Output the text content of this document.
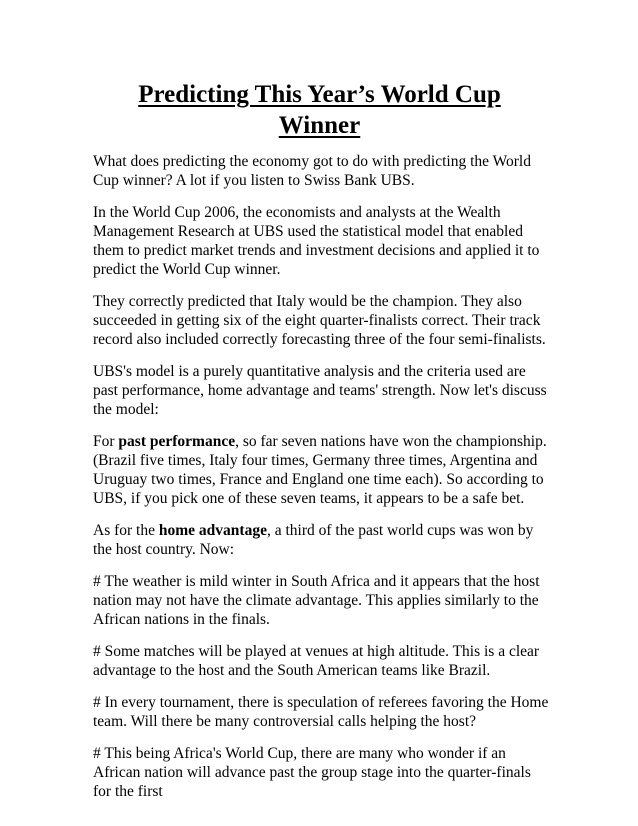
Predicting This Year’s World Cup
Winner

What does predicting the economy got to do with predicting the World Cup winner? A lot if you listen to Swiss Bank UBS.

In the World Cup 2006, the economists and analysts at the Wealth Management Research at UBS used the statistical model that enabled them to predict market trends and investment decisions and applied it to predict the World Cup winner.

They correctly predicted that Italy would be the champion. They also succeeded in getting six of the eight quarter-finalists correct. Their track record also included correctly forecasting three of the four semi-finalists.

UBS's model is a purely quantitative analysis and the criteria used are past performance, home advantage and teams' strength. Now let's discuss the model:

For past performance, so far seven nations have won the championship. (Brazil five times, Italy four times, Germany three times, Argentina and Uruguay two times, France and England one time each). So according to UBS, if you pick one of these seven teams, it appears to be a safe bet.

As for the home advantage, a third of the past world cups was won by the host country. Now:

# The weather is mild winter in South Africa and it appears that the host nation may not have the climate advantage. This applies similarly to the African nations in the finals.

# Some matches will be played at venues at high altitude. This is a clear advantage to the host and the South American teams like Brazil.

# In every tournament, there is speculation of referees favoring the Home team. Will there be many controversial calls helping the host?

# This being Africa's World Cup, there are many who wonder if an African nation will advance past the group stage into the quarter-finals for the first
